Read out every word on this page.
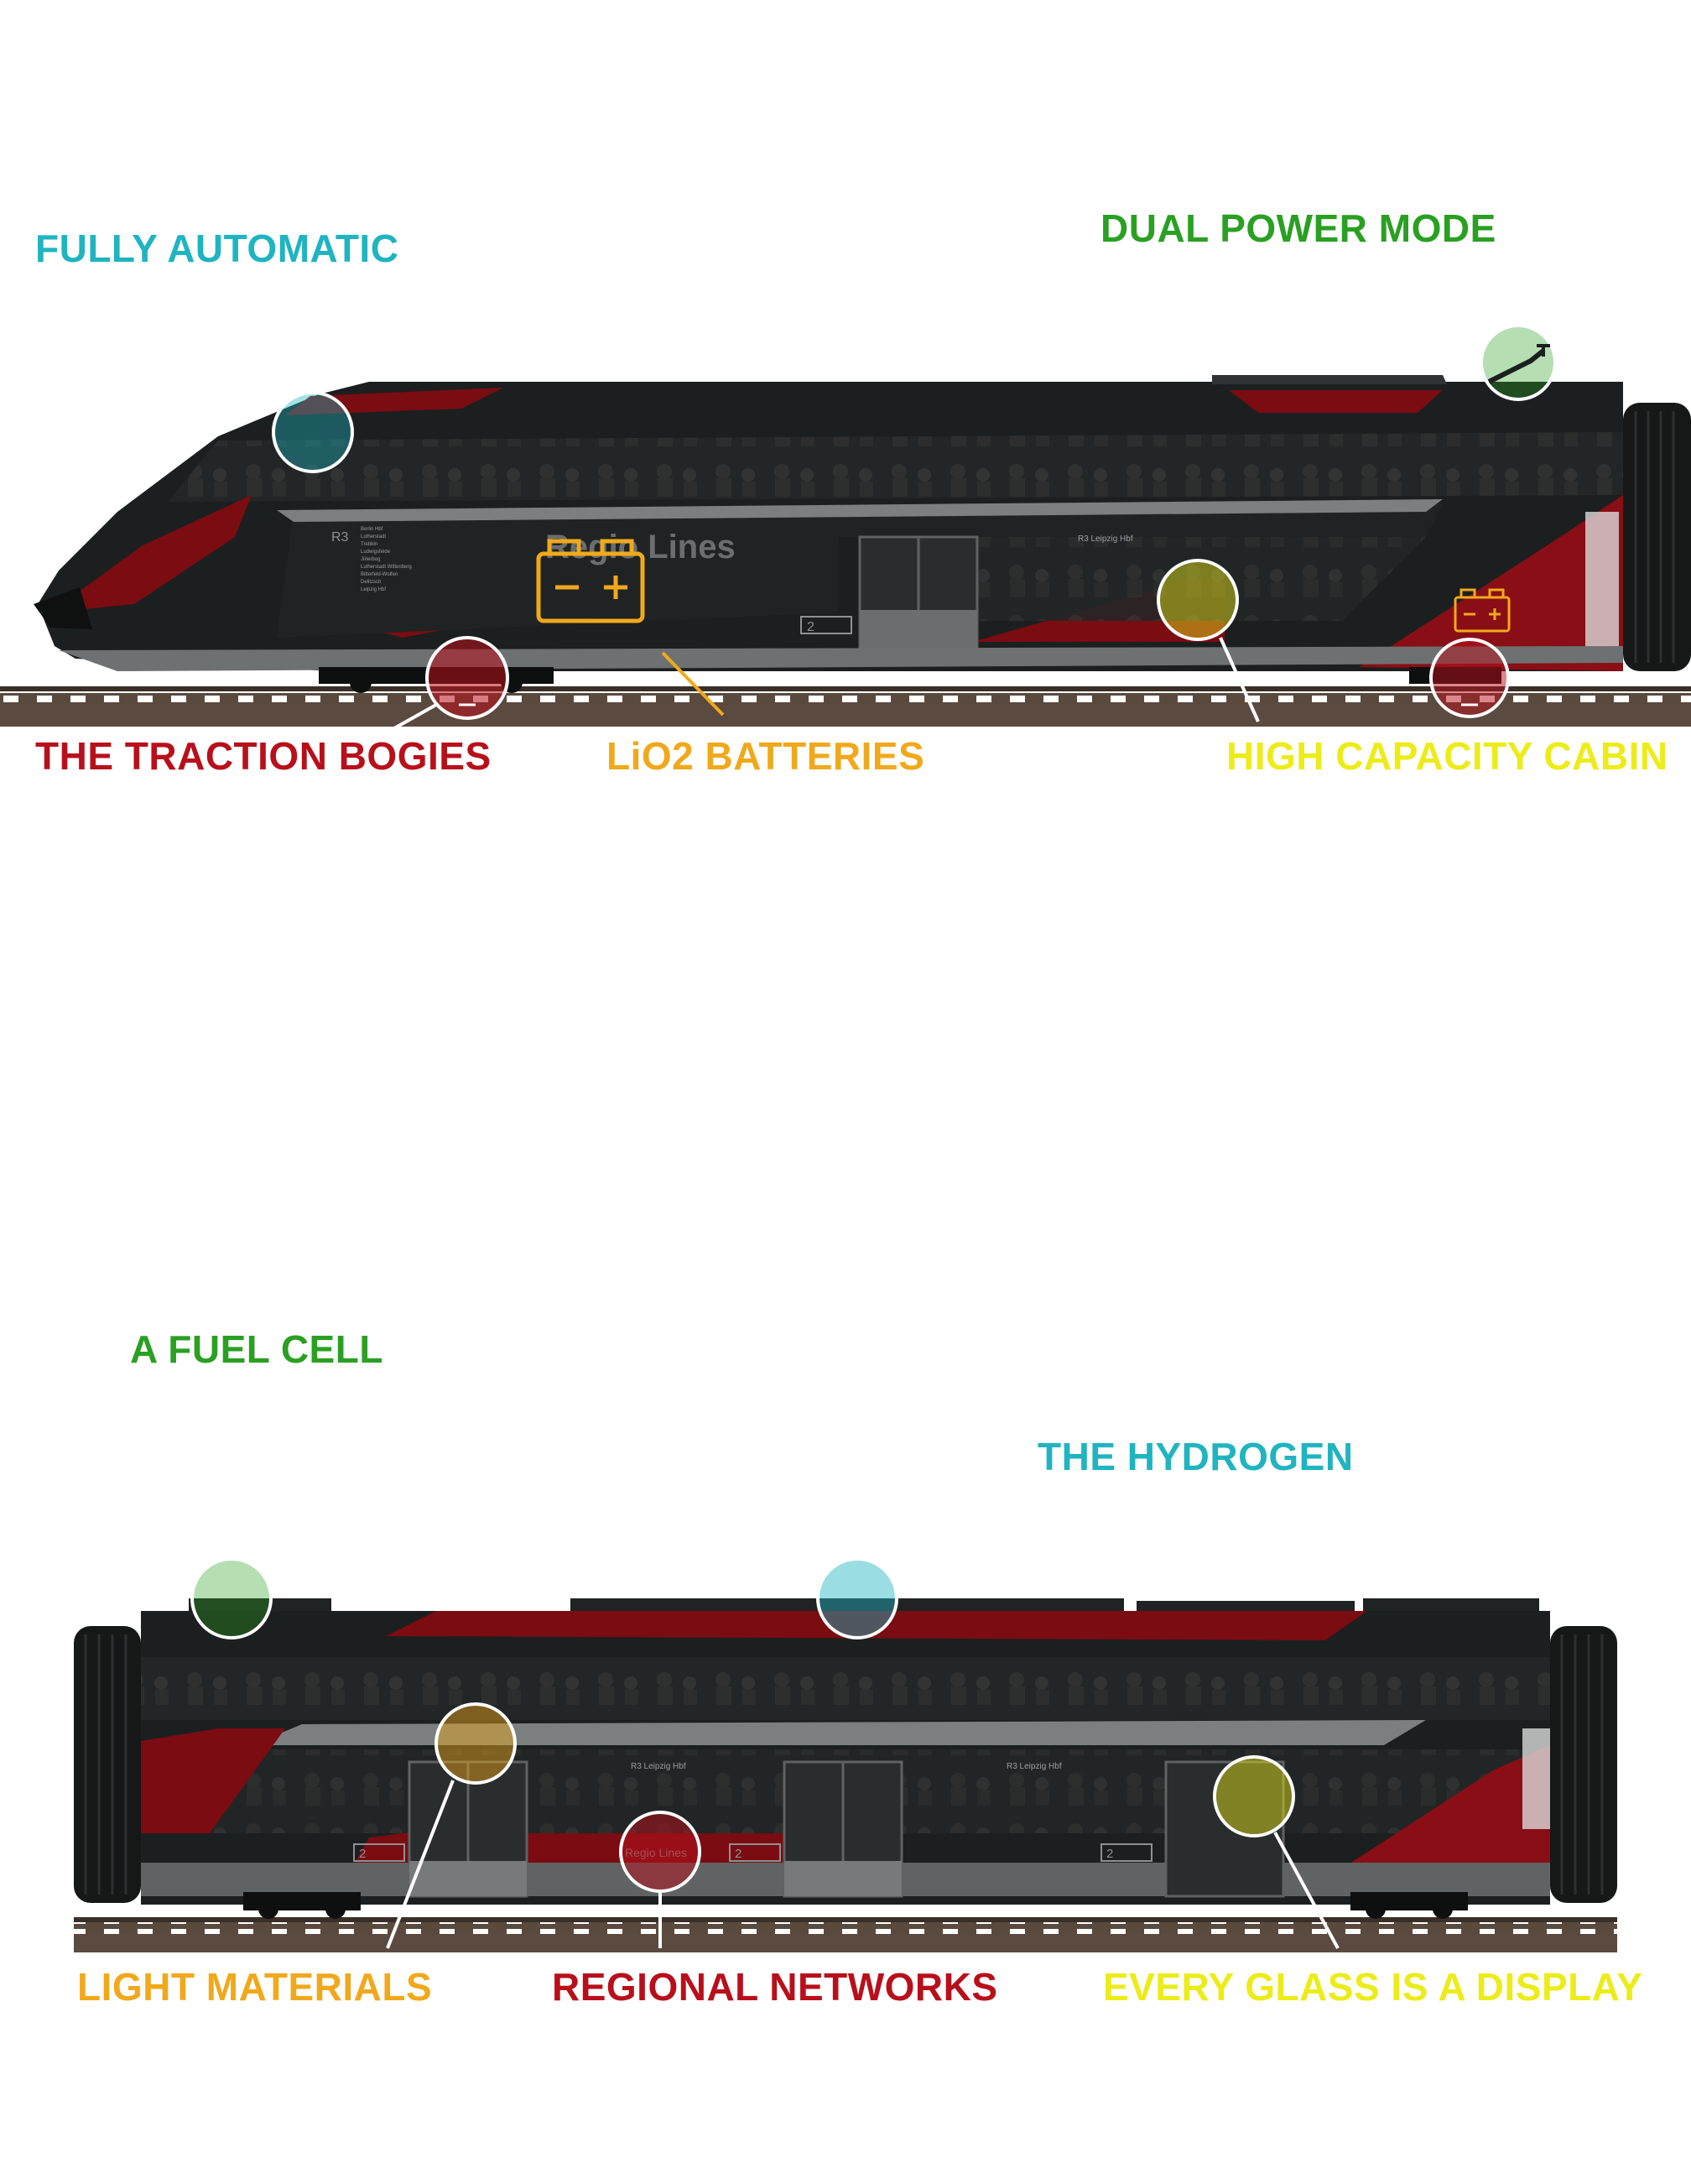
Regio Lines
R3
Berlin Hbf
Lutherstadt
Trebbin
Ludwigsfelde
Jüterbog
Lutherstadt Wittenberg
Bitterfeld-Wolfen
Delitzsch
Leipzig Hbf
R3 Leipzig Hbf
2
R3 Leipzig Hbf	R3 Leipzig Hbf
2	2	2
FULLY AUTOMATIC	DUAL POWER MODE
THE TRACTION BOGIES	LiO2 BATTERIES	HIGH CAPACITY CABIN
A FUEL CELL
THE HYDROGEN
LIGHT MATERIALS	REGIONAL NETWORKS	EVERY GLASS IS A DISPLAY
